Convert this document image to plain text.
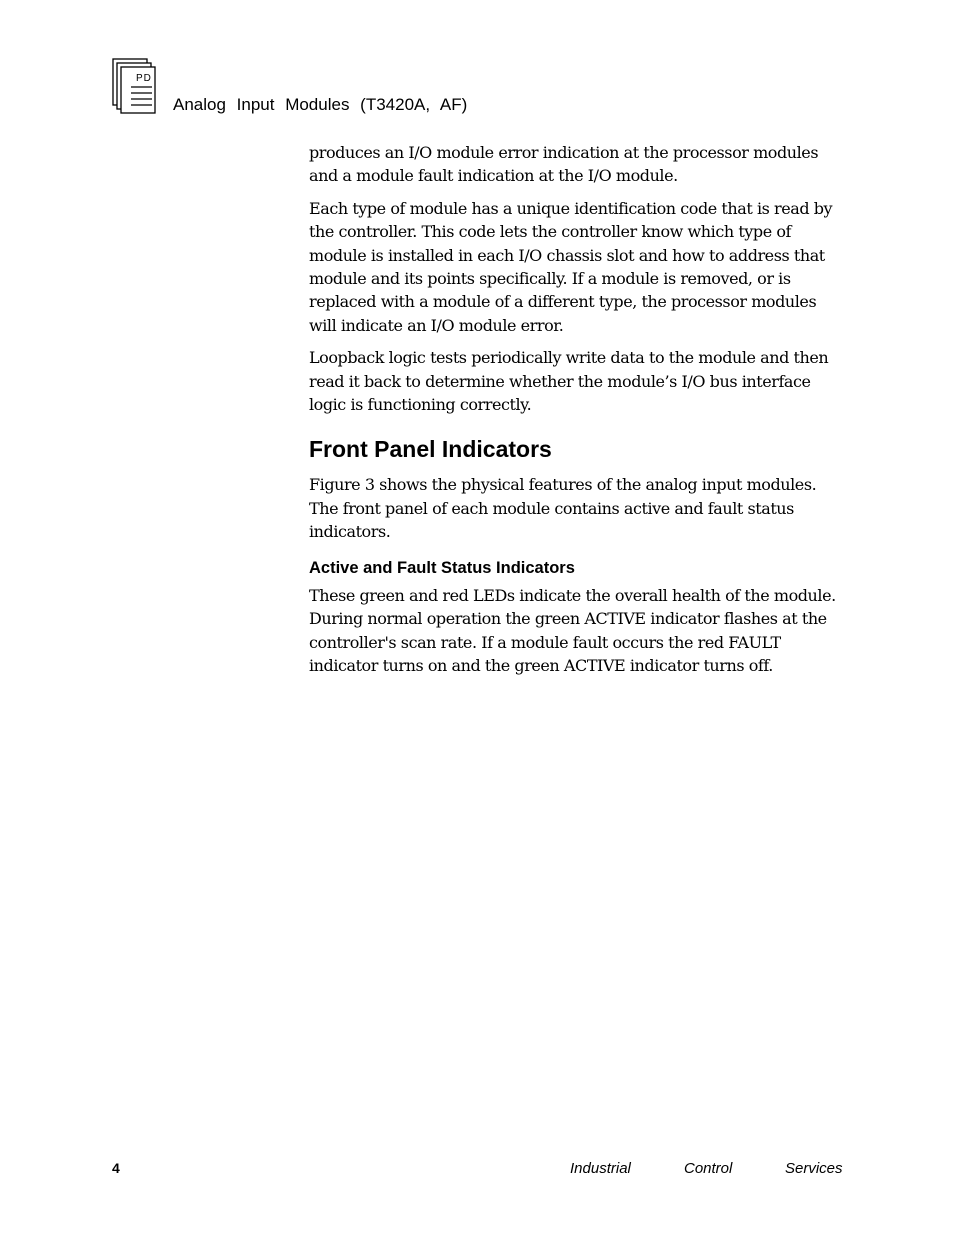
PD
Analog Input Modules (T3420A, AF)

produces an I/O module error indication at the processor modules and a module fault indication at the I/O module.

Each type of module has a unique identification code that is read by the controller. This code lets the controller know which type of module is installed in each I/O chassis slot and how to address that module and its points specifically. If a module is removed, or is replaced with a module of a different type, the processor modules will indicate an I/O module error.

Loopback logic tests periodically write data to the module and then read it back to determine whether the module’s I/O bus interface logic is functioning correctly.

Front Panel Indicators

Figure 3 shows the physical features of the analog input modules. The front panel of each module contains active and fault status indicators.

Active and Fault Status Indicators

These green and red LEDs indicate the overall health of the module. During normal operation the green ACTIVE indicator flashes at the controller's scan rate. If a module fault occurs the red FAULT indicator turns on and the green ACTIVE indicator turns off.

4	Industrial	Control	Services
